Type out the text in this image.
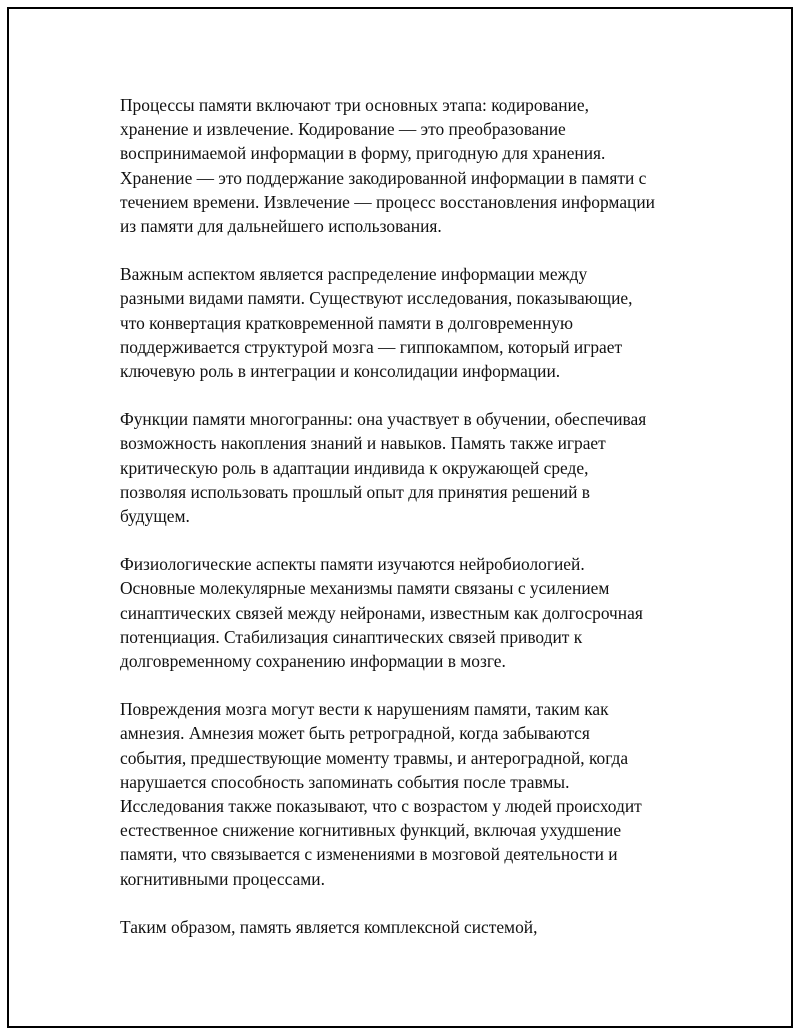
Процессы памяти включают три основных этапа: кодирование,
хранение и извлечение. Кодирование — это преобразование
воспринимаемой информации в форму, пригодную для хранения.
Хранение — это поддержание закодированной информации в памяти с
течением времени. Извлечение — процесс восстановления информации
из памяти для дальнейшего использования.

Важным аспектом является распределение информации между
разными видами памяти. Существуют исследования, показывающие,
что конвертация кратковременной памяти в долговременную
поддерживается структурой мозга — гиппокампом, который играет
ключевую роль в интеграции и консолидации информации.

Функции памяти многогранны: она участвует в обучении, обеспечивая
возможность накопления знаний и навыков. Память также играет
критическую роль в адаптации индивида к окружающей среде,
позволяя использовать прошлый опыт для принятия решений в
будущем.

Физиологические аспекты памяти изучаются нейробиологией.
Основные молекулярные механизмы памяти связаны с усилением
синаптических связей между нейронами, известным как долгосрочная
потенциация. Стабилизация синаптических связей приводит к
долговременному сохранению информации в мозге.

Повреждения мозга могут вести к нарушениям памяти, таким как
амнезия. Амнезия может быть ретроградной, когда забываются
события, предшествующие моменту травмы, и антероградной, когда
нарушается способность запоминать события после травмы.
Исследования также показывают, что с возрастом у людей происходит
естественное снижение когнитивных функций, включая ухудшение
памяти, что связывается с изменениями в мозговой деятельности и
когнитивными процессами.

Таким образом, память является комплексной системой,
